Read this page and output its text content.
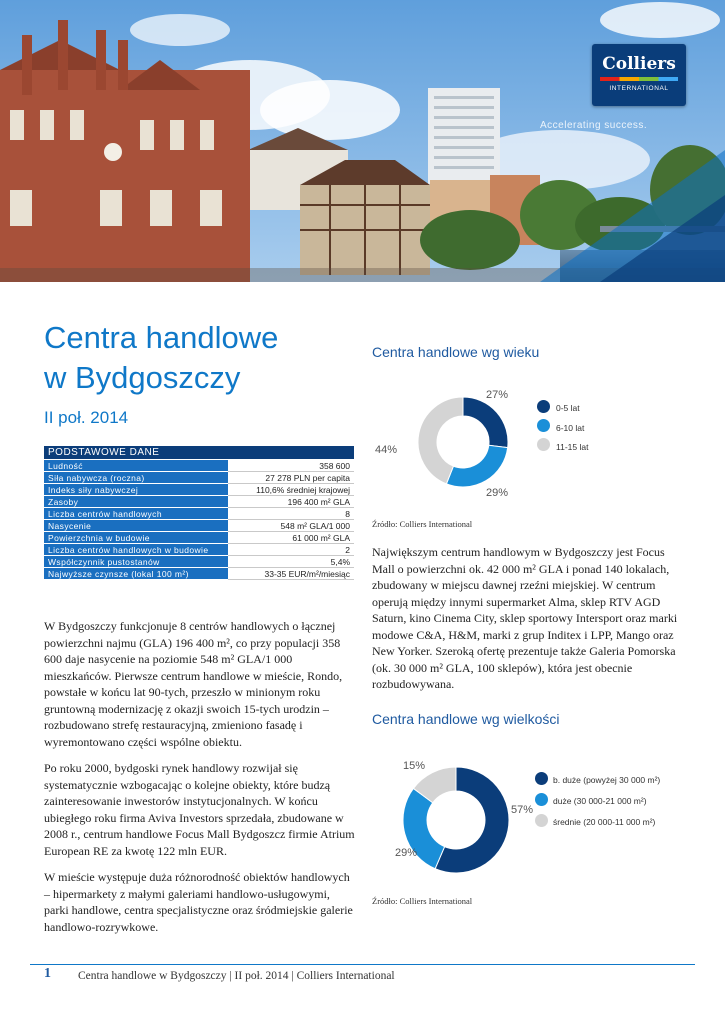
Colliers
INTERNATIONAL
Accelerating success.
Centra handlowe
w Bydgoszczy
II poł. 2014
PODSTAWOWE DANE	
Ludność	358 600
Siła nabywcza (roczna)	27 278 PLN per capita
Indeks siły nabywczej	110,6% średniej krajowej
Zasoby	196 400 m² GLA
Liczba centrów handlowych	8
Nasycenie	548 m² GLA/1 000
Powierzchnia w budowie	61 000 m² GLA
Liczba centrów handlowych w budowie	2
Współczynnik pustostanów	5,4%
Najwyższe czynsze (lokal 100 m²)	33-35 EUR/m²/miesiąc

W Bydgoszczy funkcjonuje 8 centrów handlowych o łącznej powierzchni najmu (GLA) 196 400 m², co przy populacji 358 600 daje nasycenie na poziomie 548 m² GLA/1 000 mieszkańców. Pierwsze centrum handlowe w mieście, Rondo, powstałe w końcu lat 90-tych, przeszło w minionym roku gruntowną modernizację z okazji swoich 15-tych urodzin – rozbudowano strefę restauracyjną, zmieniono fasadę i wyremontowano części wspólne obiektu.

Po roku 2000, bydgoski rynek handlowy rozwijał się systematycznie wzbogacając o kolejne obiekty, które budzą zainteresowanie inwestorów instytucjonalnych. W końcu ubiegłego roku firma Aviva Investors sprzedała, zbudowane w 2008 r., centrum handlowe Focus Mall Bydgoszcz firmie Atrium European RE za kwotę 122 mln EUR.

W mieście występuje duża różnorodność obiektów handlowych – hipermarkety z małymi galeriami handlowo-usługowymi, parki handlowe, centra specjalistyczne oraz śródmiejskie galerie handlowo-rozrywkowe.

Centra handlowe wg wieku
27%
29%
44%
0-5 lat
6-10 lat
11-15 lat
Źródło: Colliers International

Największym centrum handlowym w Bydgoszczy jest Focus Mall o powierzchni ok. 42 000 m² GLA i ponad 140 lokalach, zbudowany w miejscu dawnej rzeźni miejskiej. W centrum operują między innymi supermarket Alma, sklep RTV AGD Saturn, kino Cinema City, sklep sportowy Intersport oraz marki modowe C&A, H&M, marki z grup Inditex i LPP, Mango oraz New Yorker. Szeroką ofertę prezentuje także Galeria Pomorska (ok. 30 000 m² GLA, 100 sklepów), która jest obecnie rozbudowywana.

Centra handlowe wg wielkości
57%
29%
15%
b. duże (powyżej 30 000 m²)
duże (30 000-21 000 m²)
średnie (20 000-11 000 m²)
Źródło: Colliers International
1 Centra handlowe w Bydgoszczy | II poł. 2014 | Colliers International
